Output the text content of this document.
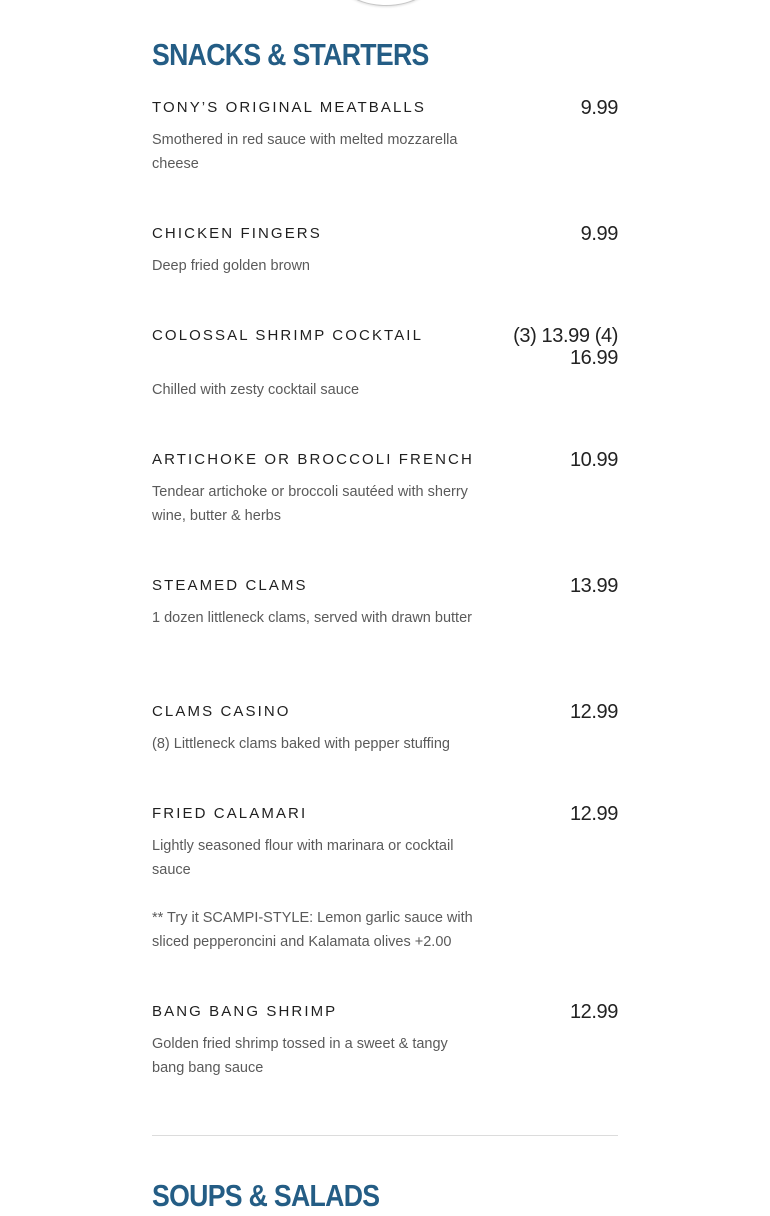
SNACKS & STARTERS
TONY’S ORIGINAL MEATBALLS	9.99
Smothered in red sauce with melted mozzarella cheese
CHICKEN FINGERS	9.99
Deep fried golden brown
COLOSSAL SHRIMP COCKTAIL	(3) 13.99 (4) 16.99
Chilled with zesty cocktail sauce
ARTICHOKE OR BROCCOLI FRENCH	10.99
Tendear artichoke or broccoli sautéed with sherry wine, butter & herbs
STEAMED CLAMS	13.99
1 dozen littleneck clams, served with drawn butter
CLAMS CASINO	12.99
(8) Littleneck clams baked with pepper stuffing
FRIED CALAMARI	12.99
Lightly seasoned flour with marinara or cocktail sauce
** Try it SCAMPI-STYLE: Lemon garlic sauce with sliced pepperoncini and Kalamata olives +2.00
BANG BANG SHRIMP	12.99
Golden fried shrimp tossed in a sweet & tangy bang bang sauce
SOUPS & SALADS
